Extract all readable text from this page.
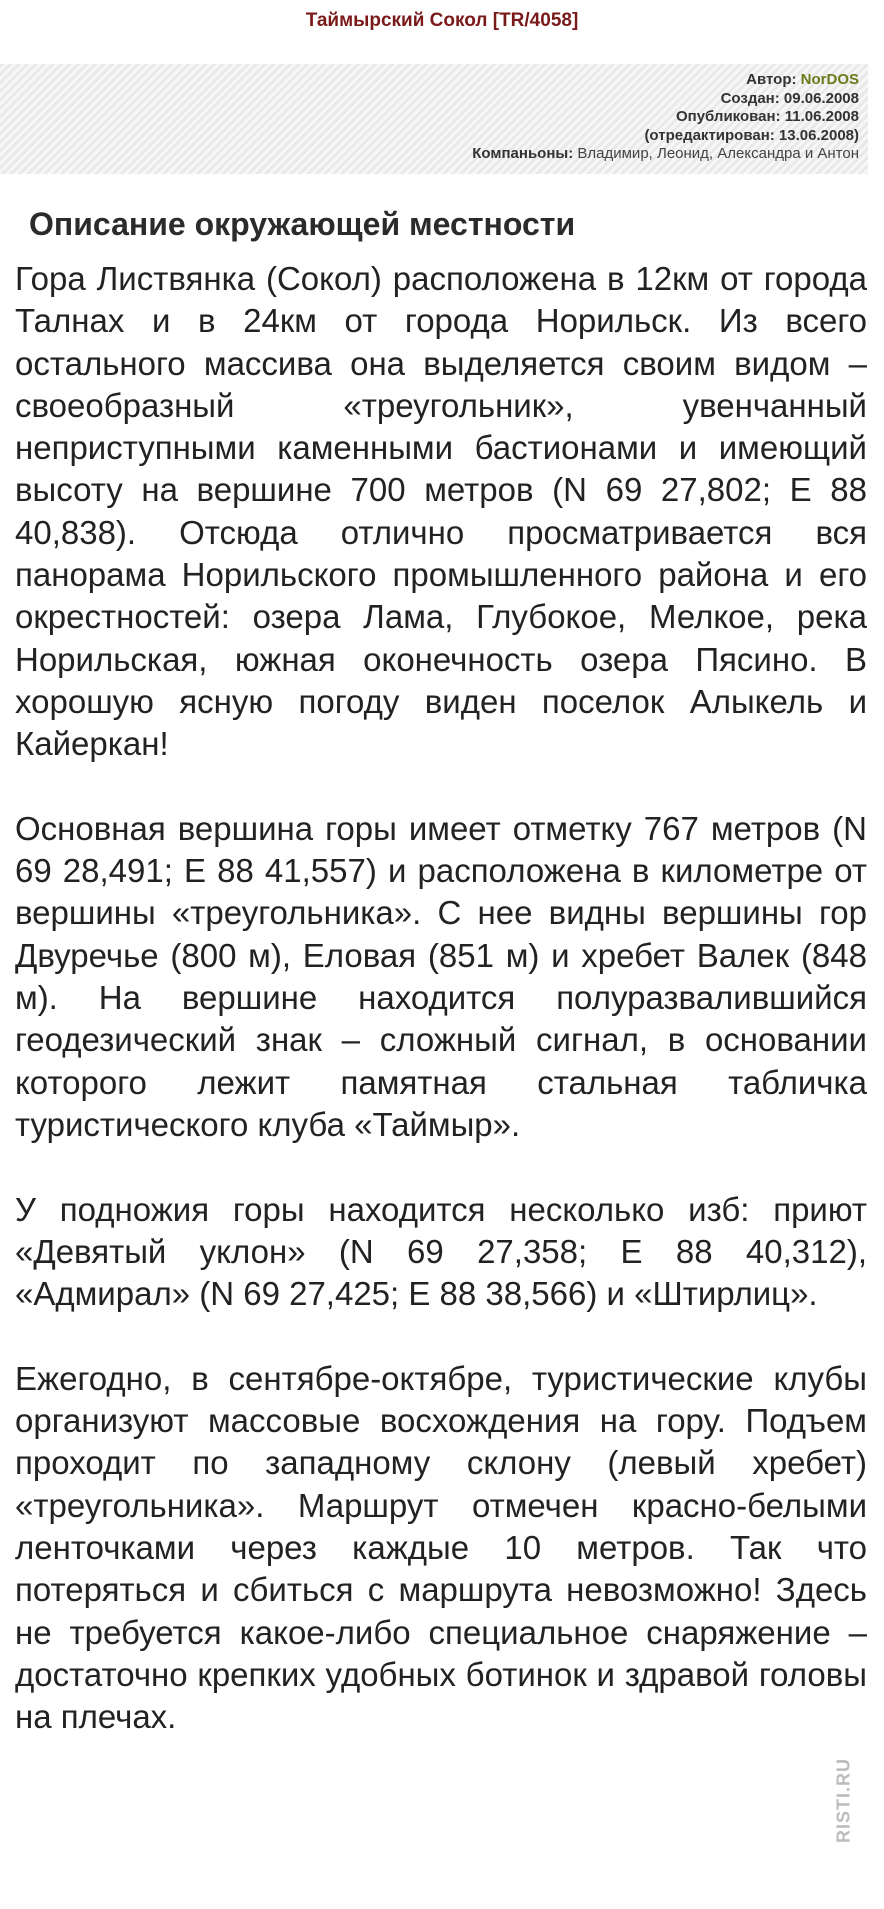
Таймырский Сокол [TR/4058]
Автор: NorDOS
Создан: 09.06.2008
Опубликован: 11.06.2008
(отредактирован: 13.06.2008)
Компаньоны: Владимир, Леонид, Александра и Антон
Описание окружающей местности

Гора Листвянка (Сокол) расположена в 12км от города Талнах и в 24км от города Норильск. Из всего остального массива она выделяется своим видом – своеобразный «треугольник», увенчанный неприступными каменными бастионами и имеющий высоту на вершине 700 метров (N 69 27,802; E 88 40,838). Отсюда отлично просматривается вся панорама Норильского промышленного района и его окрестностей: озера Лама, Глубокое, Мелкое, река Норильская, южная оконечность озера Пясино. В хорошую ясную погоду виден поселок Алыкель и Кайеркан!

Основная вершина горы имеет отметку 767 метров (N 69 28,491; E 88 41,557) и расположена в километре от вершины «треугольника». С нее видны вершины гор Двуречье (800 м), Еловая (851 м) и хребет Валек (848 м). На вершине находится полуразвалившийся геодезический знак – сложный сигнал, в основании которого лежит памятная стальная табличка туристического клуба «Таймыр».

У подножия горы находится несколько изб: приют «Девятый уклон» (N 69 27,358; E 88 40,312), «Адмирал» (N 69 27,425; E 88 38,566) и «Штирлиц».

Ежегодно, в сентябре-октябре, туристические клубы организуют массовые восхождения на гору. Подъем проходит по западному склону (левый хребет) «треугольника». Маршрут отмечен красно-белыми ленточками через каждые 10 метров. Так что потеряться и сбиться с маршрута невозможно! Здесь не требуется какое-либо специальное снаряжение – достаточно крепких удобных ботинок и здравой головы на плечах.

RISTI.RU
